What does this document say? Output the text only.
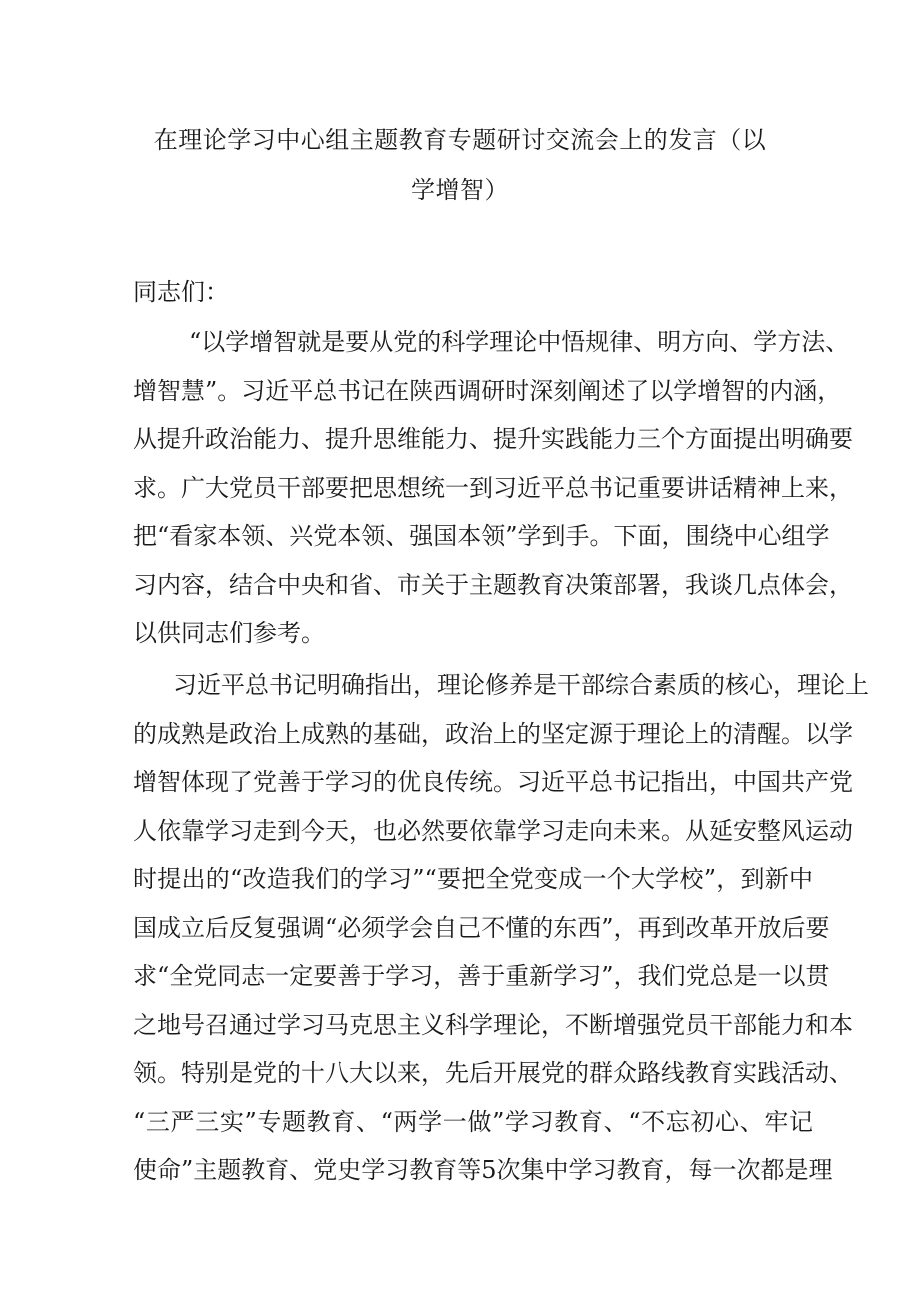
在理论学习中心组主题教育专题研讨交流会上的发言（以
学增智）
同志们：
“以学增智就是要从党的科学理论中悟规律、明方向、学方法、
增智慧”。习近平总书记在陕西调研时深刻阐述了以学增智的内涵，
从提升政治能力、提升思维能力、提升实践能力三个方面提出明确要
求。广大党员干部要把思想统一到习近平总书记重要讲话精神上来，
把“看家本领、兴党本领、强国本领”学到手。下面，围绕中心组学
习内容，结合中央和省、市关于主题教育决策部署，我谈几点体会，
以供同志们参考。
习近平总书记明确指出，理论修养是干部综合素质的核心，理论上
的成熟是政治上成熟的基础，政治上的坚定源于理论上的清醒。以学
增智体现了党善于学习的优良传统。习近平总书记指出，中国共产党
人依靠学习走到今天，也必然要依靠学习走向未来。从延安整风运动
时提出的“改造我们的学习”“要把全党变成一个大学校”，到新中
国成立后反复强调“必须学会自己不懂的东西”，再到改革开放后要
求“全党同志一定要善于学习，善于重新学习”，我们党总是一以贯
之地号召通过学习马克思主义科学理论，不断增强党员干部能力和本
领。特别是党的十八大以来，先后开展党的群众路线教育实践活动、
“三严三实”专题教育、“两学一做”学习教育、“不忘初心、牢记
使命”主题教育、党史学习教育等5次集中学习教育，每一次都是理
